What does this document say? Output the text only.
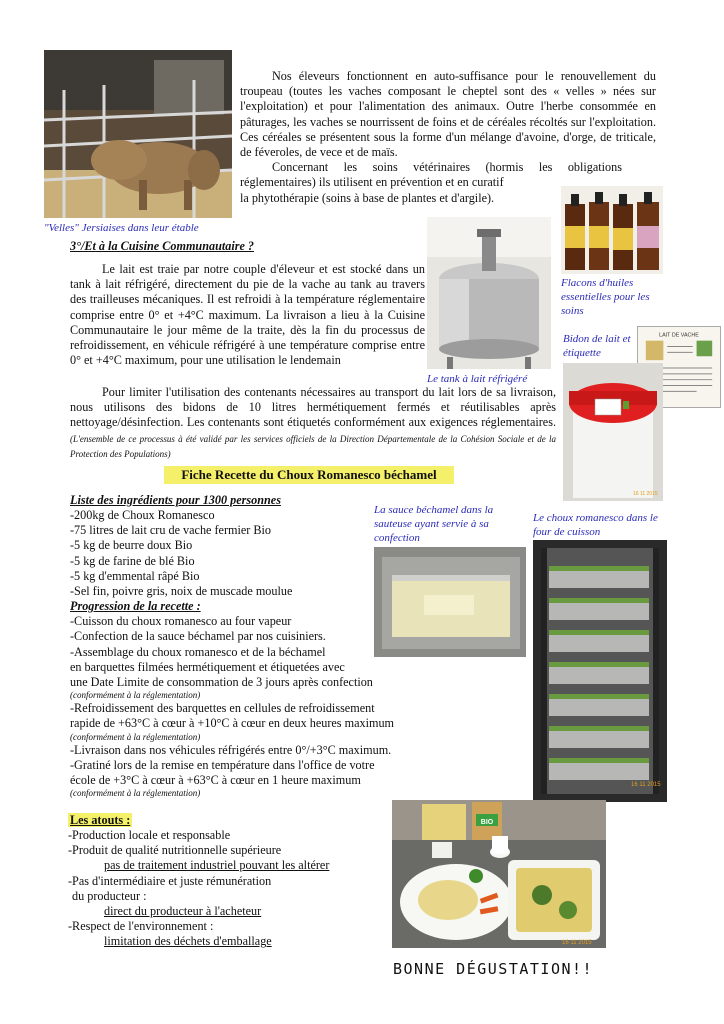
LAIT DE VACHE
16 11 2015
16 11 2015
BIO
16 11 2015
"Velles" Jersiaises dans leur étable
Flacons d'huiles essentielles pour les soins
Bidon de lait et étiquette
Le tank à lait réfrigéré
La sauce béchamel dans la sauteuse ayant servie à sa confection
Le choux romanesco dans le four de cuisson

Nos éleveurs fonctionnent en auto-suffisance pour le renouvellement du troupeau (toutes les vaches composant le cheptel sont des « velles » nées sur l'exploitation) et pour l'alimentation des animaux. Outre l'herbe consommée en pâturages, les vaches se nourrissent de foins et de céréales récoltés sur l'exploitation. Ces céréales se présentent sous la forme d'un mélange d'avoine, d'orge, de triticale, de féveroles, de vece et de maïs.

Concernant les soins vétérinaires (hormis les obligations réglementaires) ils utilisent en prévention et en curatif

la phytothérapie (soins à base de plantes et d'argile).

3°/Et à la Cuisine Communautaire ?

Le lait est traie par notre couple d'éleveur et est stocké dans un tank à lait réfrigéré, directement du pie de la vache au tank au travers des trailleuses mécaniques. Il est refroidi à la température réglementaire comprise entre 0° et +4°C maximum. La livraison a lieu à la Cuisine Communautaire le jour même de la traite, dès la fin du processus de refroidissement, en véhicule réfrigéré à une température comprise entre 0° et +4°C maximum, pour une utilisation le lendemain

Pour limiter l'utilisation des contenants nécessaires au transport du lait lors de sa livraison, nous utilisons des bidons de 10 litres hermétiquement fermés et réutilisables après nettoyage/désinfection. Les contenants sont étiquetés conformément aux exigences réglementaires. (L'ensemble de ce processus à été validé par les services officiels de la Direction Départementale de la Cohésion Sociale et de la Protection des Populations)

Fiche Recette du Choux Romanesco béchamel
Liste des ingrédients pour 1300 personnes
-200kg de Choux Romanesco
-75 litres de lait cru de vache fermier Bio
-5 kg de beurre doux Bio
-5 kg de farine de blé Bio
-5 kg d'emmental râpé Bio
-Sel fin, poivre gris, noix de muscade moulue
Progression de la recette :
-Cuisson du choux romanesco au four vapeur
-Confection de la sauce béchamel par nos cuisiniers.
-Assemblage du choux romanesco et de la béchamel
en barquettes filmées hermétiquement et étiquetées avec
une Date Limite de consommation de 3 jours après confection
(conformément à la réglementation)
-Refroidissement des barquettes en cellules de refroidissement
rapide de +63°C à cœur à +10°C à cœur en deux heures maximum
(conformément à la réglementation)
-Livraison dans nos véhicules réfrigérés entre 0°/+3°C maximum.
-Gratiné lors de la remise en température dans l'office de votre
école de +3°C à cœur à +63°C à cœur en 1 heure maximum
(conformément à la réglementation)
Les atouts :
-Production locale et responsable
-Produit de qualité nutritionnelle supérieure
pas de traitement industriel pouvant les altérer
-Pas d'intermédiaire et juste rémunération
du producteur :
direct du producteur à l'acheteur
-Respect de l'environnement :
limitation des déchets d'emballage
BONNE DÉGUSTATION!!
